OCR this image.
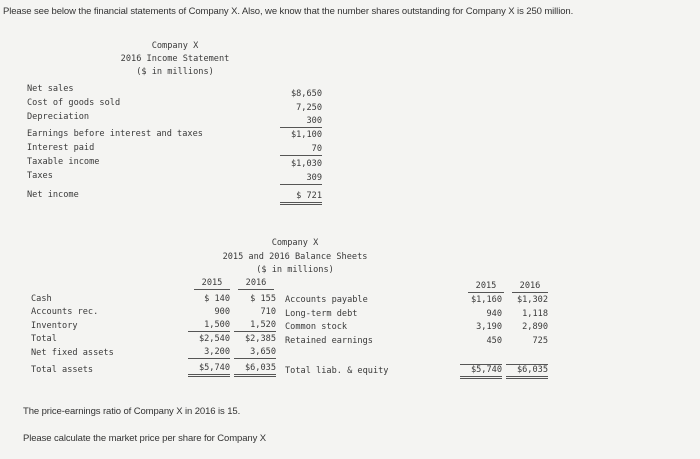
Please see below the financial statements of Company X. Also, we know that the number shares outstanding for Company X is 250 million.
Company X
2016 Income Statement
($ in millions)
Net sales
Cost of goods sold
Depreciation
Earnings before interest and taxes
Interest paid
Taxable income
Taxes
Net income
$8,650
7,250
300
$1,100
70
$1,030
309
$ 721
Company X
2015 and 2016 Balance Sheets
($ in millions)
2015	2016
Cash
Accounts rec.
Inventory
Total
Net fixed assets
Total assets
$ 140
900
1,500
$2,540
3,200
$5,740
$ 155
710
1,520
$2,385
3,650
$6,035
Accounts payable
Long-term debt
Common stock
Retained earnings
Total liab. & equity
2015	2016
$1,160
940
3,190
450
$5,740
$1,302
1,118
2,890
725
$6,035
The price-earnings ratio of Company X in 2016 is 15.
Please calculate the market price per share for Company X
